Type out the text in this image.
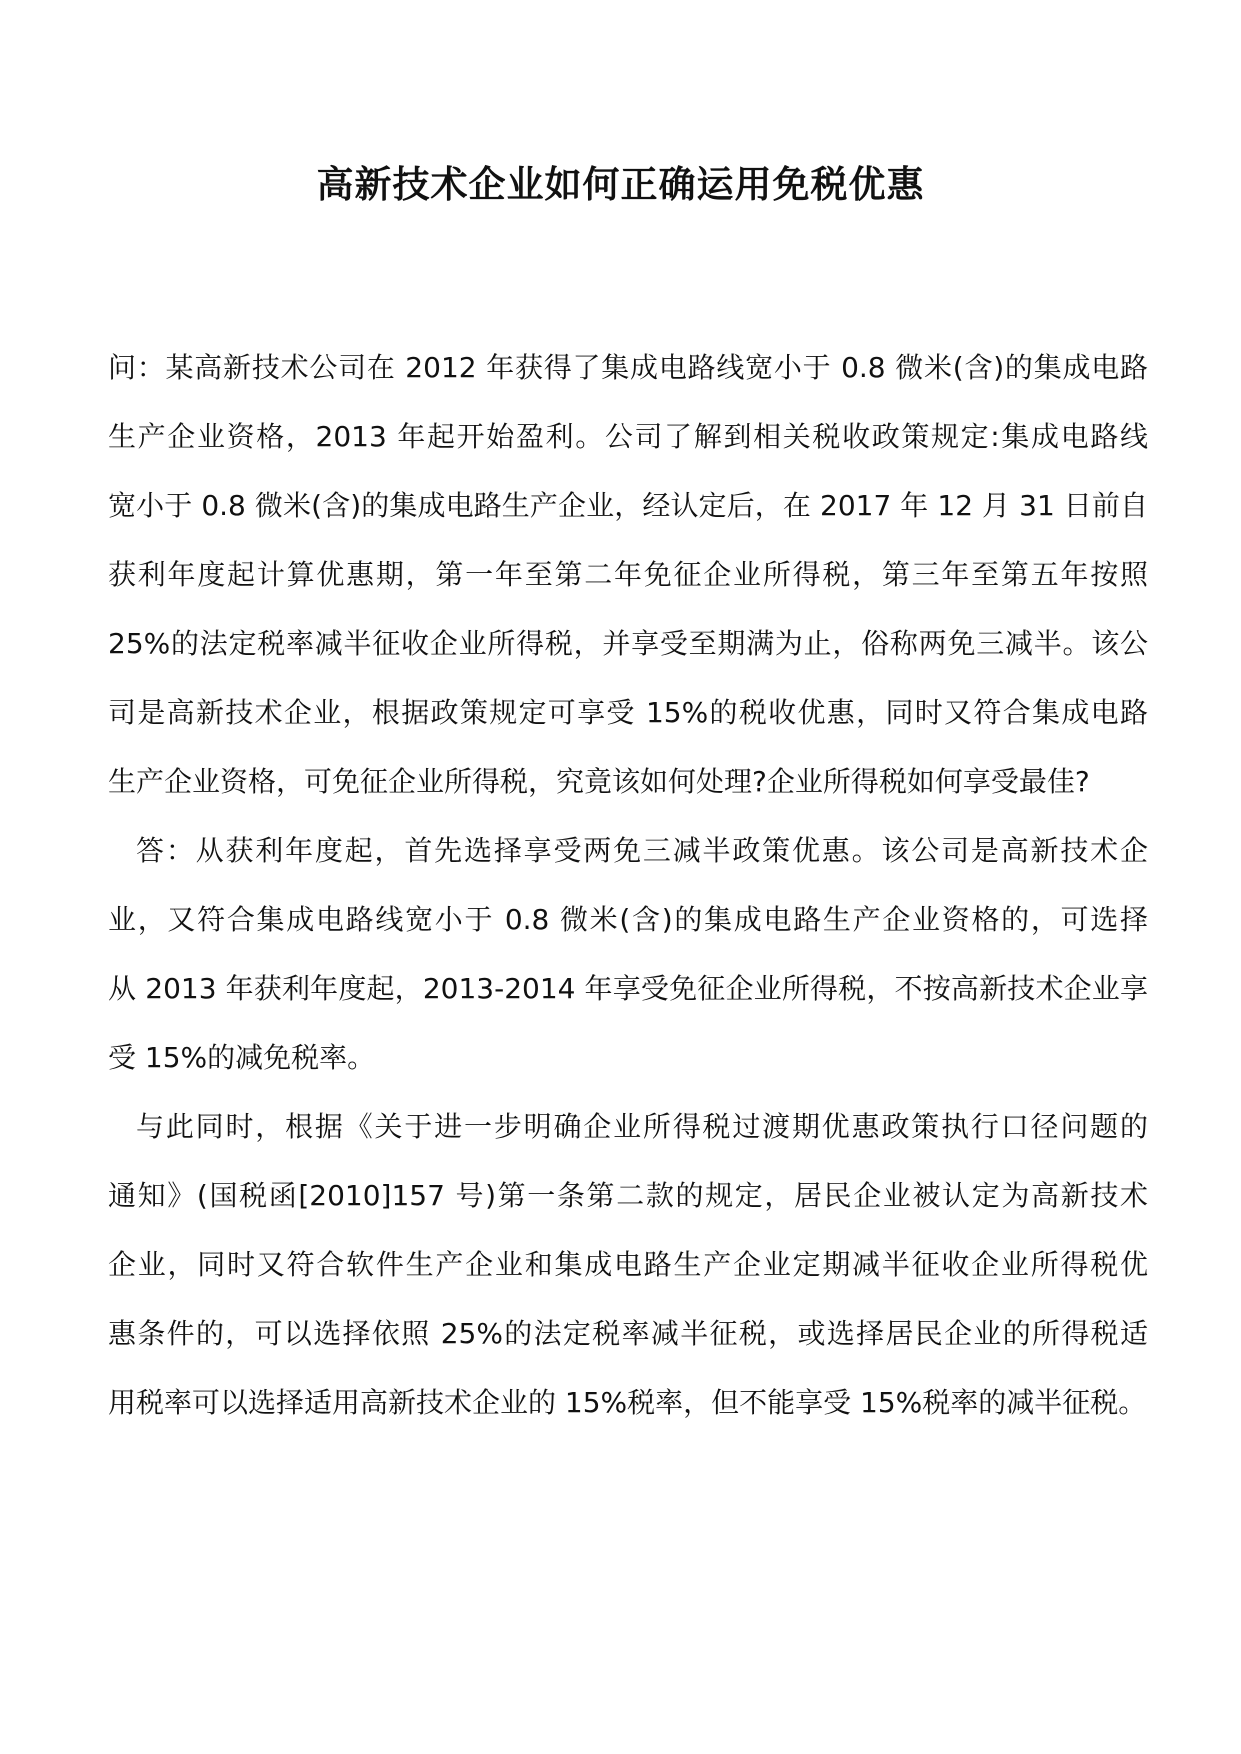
高新技术企业如何正确运用免税优惠

问：某高新技术公司在 2012 年获得了集成电路线宽小于 0.8 微米(含)的集成电路

生产企业资格，2013 年起开始盈利。公司了解到相关税收政策规定:集成电路线

宽小于 0.8 微米(含)的集成电路生产企业，经认定后，在 2017 年 12 月 31 日前自

获利年度起计算优惠期，第一年至第二年免征企业所得税，第三年至第五年按照

25%的法定税率减半征收企业所得税，并享受至期满为止，俗称两免三减半。该公

司是高新技术企业，根据政策规定可享受 15%的税收优惠，同时又符合集成电路

生产企业资格，可免征企业所得税，究竟该如何处理?企业所得税如何享受最佳?

答：从获利年度起，首先选择享受两免三减半政策优惠。该公司是高新技术企

业，又符合集成电路线宽小于 0.8 微米(含)的集成电路生产企业资格的，可选择

从 2013 年获利年度起，2013-2014 年享受免征企业所得税，不按高新技术企业享

受 15%的减免税率。

与此同时，根据《关于进一步明确企业所得税过渡期优惠政策执行口径问题的

通知》(国税函[2010]157 号)第一条第二款的规定，居民企业被认定为高新技术

企业，同时又符合软件生产企业和集成电路生产企业定期减半征收企业所得税优

惠条件的，可以选择依照 25%的法定税率减半征税，或选择居民企业的所得税适

用税率可以选择适用高新技术企业的 15%税率，但不能享受 15%税率的减半征税。
